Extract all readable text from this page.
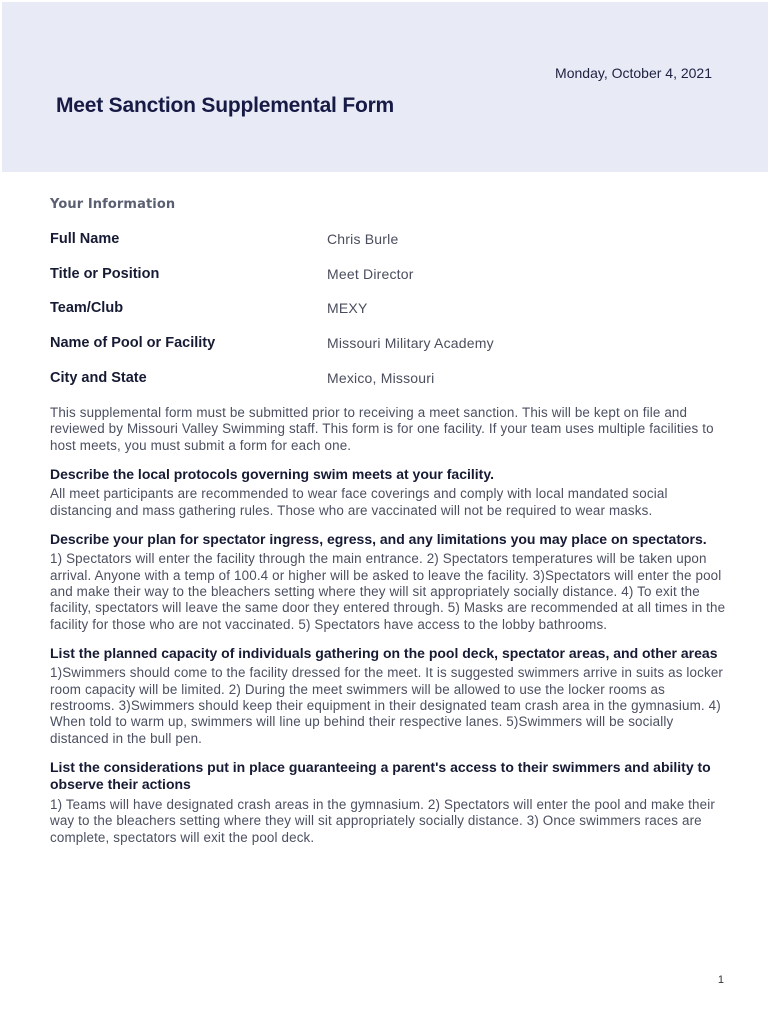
Monday, October 4, 2021
Meet Sanction Supplemental Form
Your Information
Full Name	Chris Burle
Title or Position	Meet Director
Team/Club	MEXY
Name of Pool or Facility	Missouri Military Academy
City and State	Mexico, Missouri

This supplemental form must be submitted prior to receiving a meet sanction. This will be kept on file and reviewed by Missouri Valley Swimming staff. This form is for one facility. If your team uses multiple facilities to host meets, you must submit a form for each one.

Describe the local protocols governing swim meets at your facility.

All meet participants are recommended to wear face coverings and comply with local mandated social distancing and mass gathering rules. Those who are vaccinated will not be required to wear masks.

Describe your plan for spectator ingress, egress, and any limitations you may place on spectators.

1) Spectators will enter the facility through the main entrance. 2) Spectators temperatures will be taken upon arrival. Anyone with a temp of 100.4 or higher will be asked to leave the facility. 3)Spectators will enter the pool and make their way to the bleachers setting where they will sit appropriately socially distance. 4) To exit the facility, spectators will leave the same door they entered through. 5) Masks are recommended at all times in the facility for those who are not vaccinated. 5) Spectators have access to the lobby bathrooms.

List the planned capacity of individuals gathering on the pool deck, spectator areas, and other areas

1)Swimmers should come to the facility dressed for the meet. It is suggested swimmers arrive in suits as locker room capacity will be limited. 2) During the meet swimmers will be allowed to use the locker rooms as restrooms. 3)Swimmers should keep their equipment in their designated team crash area in the gymnasium. 4) When told to warm up, swimmers will line up behind their respective lanes. 5)Swimmers will be socially distanced in the bull pen.

List the considerations put in place guaranteeing a parent's access to their swimmers and ability to observe their actions

1) Teams will have designated crash areas in the gymnasium. 2) Spectators will enter the pool and make their way to the bleachers setting where they will sit appropriately socially distance. 3) Once swimmers races are complete, spectators will exit the pool deck.

1
